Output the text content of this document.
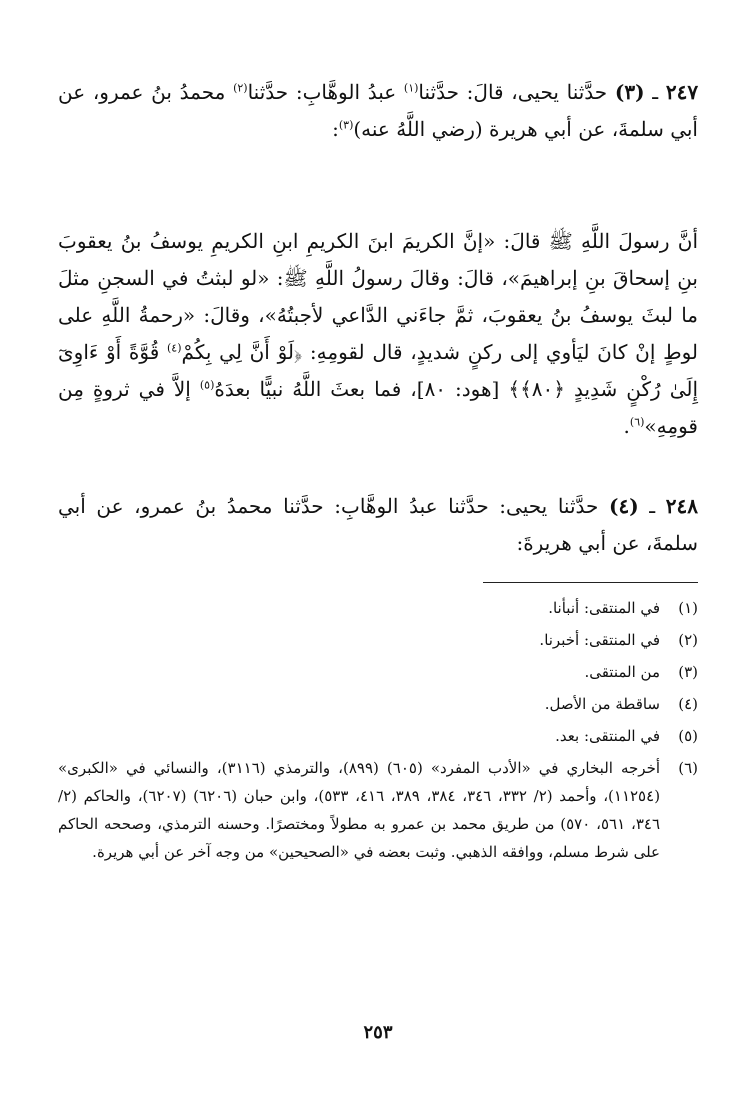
٢٤٧ ـ (٣) حدَّثنا يحيى، قالَ: حدَّثنا$^{(١)}$ عبدُ الوهَّابِ: حدَّثنا$^{(٢)}$ محمدُ بنُ عمرو، عن أبي سلمةَ، عن أبي هريرة (رضي اللَّهُ عنه)$^{(٣)}$:

أنَّ رسولَ اللَّهِ ﷺ قالَ: «إنَّ الكريمَ ابنَ الكريمِ ابنِ الكريمِ يوسفُ بنُ يعقوبَ بنِ إسحاقَ بنِ إبراهيمَ»، قالَ: وقالَ رسولُ اللَّهِ ﷺ: «لو لبثتُ في السجنِ مثلَ ما لبثَ يوسفُ بنُ يعقوبَ، ثمَّ جاءَني الدَّاعي لأجبتُهُ»، وقالَ: «رحمةُ اللَّهِ على لوطٍ إنْ كانَ ليَأوي إلى ركنٍ شديدٍ، قال لقومِهِ: ﴿لَوْ أَنَّ لِي بِكُمْ$^{(٤)}$ قُوَّةً أَوْ ءَاوِىٓ إِلَىٰ رُكْنٍ شَدِيدٍ ﴿٨٠﴾﴾ [هود: ٨٠]، فما بعثَ اللَّهُ نبيًّا بعدَهُ$^{(٥)}$ إلاَّ في ثروةٍ مِن قومِهِ»$^{(٦)}$.

٢٤٨ ـ (٤) حدَّثنا يحيى: حدَّثنا عبدُ الوهَّابِ: حدَّثنا محمدُ بنُ عمرو، عن أبي سلمةَ، عن أبي هريرةَ:

(١)
في المنتقى: أنبأنا.
(٢)
في المنتقى: أخبرنا.
(٣)
من المنتقى.
(٤)
ساقطة من الأصل.
(٥)
في المنتقى: بعد.
(٦)
أخرجه البخاري في «الأدب المفرد» (٦٠٥) (٨٩٩)، والترمذي (٣١١٦)، والنسائي في «الكبرى» (١١٢٥٤)، وأحمد (٢/ ٣٣٢، ٣٤٦، ٣٨٤، ٣٨٩، ٤١٦، ٥٣٣)، وابن حبان (٦٢٠٦) (٦٢٠٧)، والحاكم (٢/ ٣٤٦، ٥٦١، ٥٧٠) من طريق محمد بن عمرو به مطولاً ومختصرًا. وحسنه الترمذي، وصححه الحاكم على شرط مسلم، ووافقه الذهبي. وثبت بعضه في «الصحيحين» من وجه آخر عن أبي هريرة.
٢٥٣
